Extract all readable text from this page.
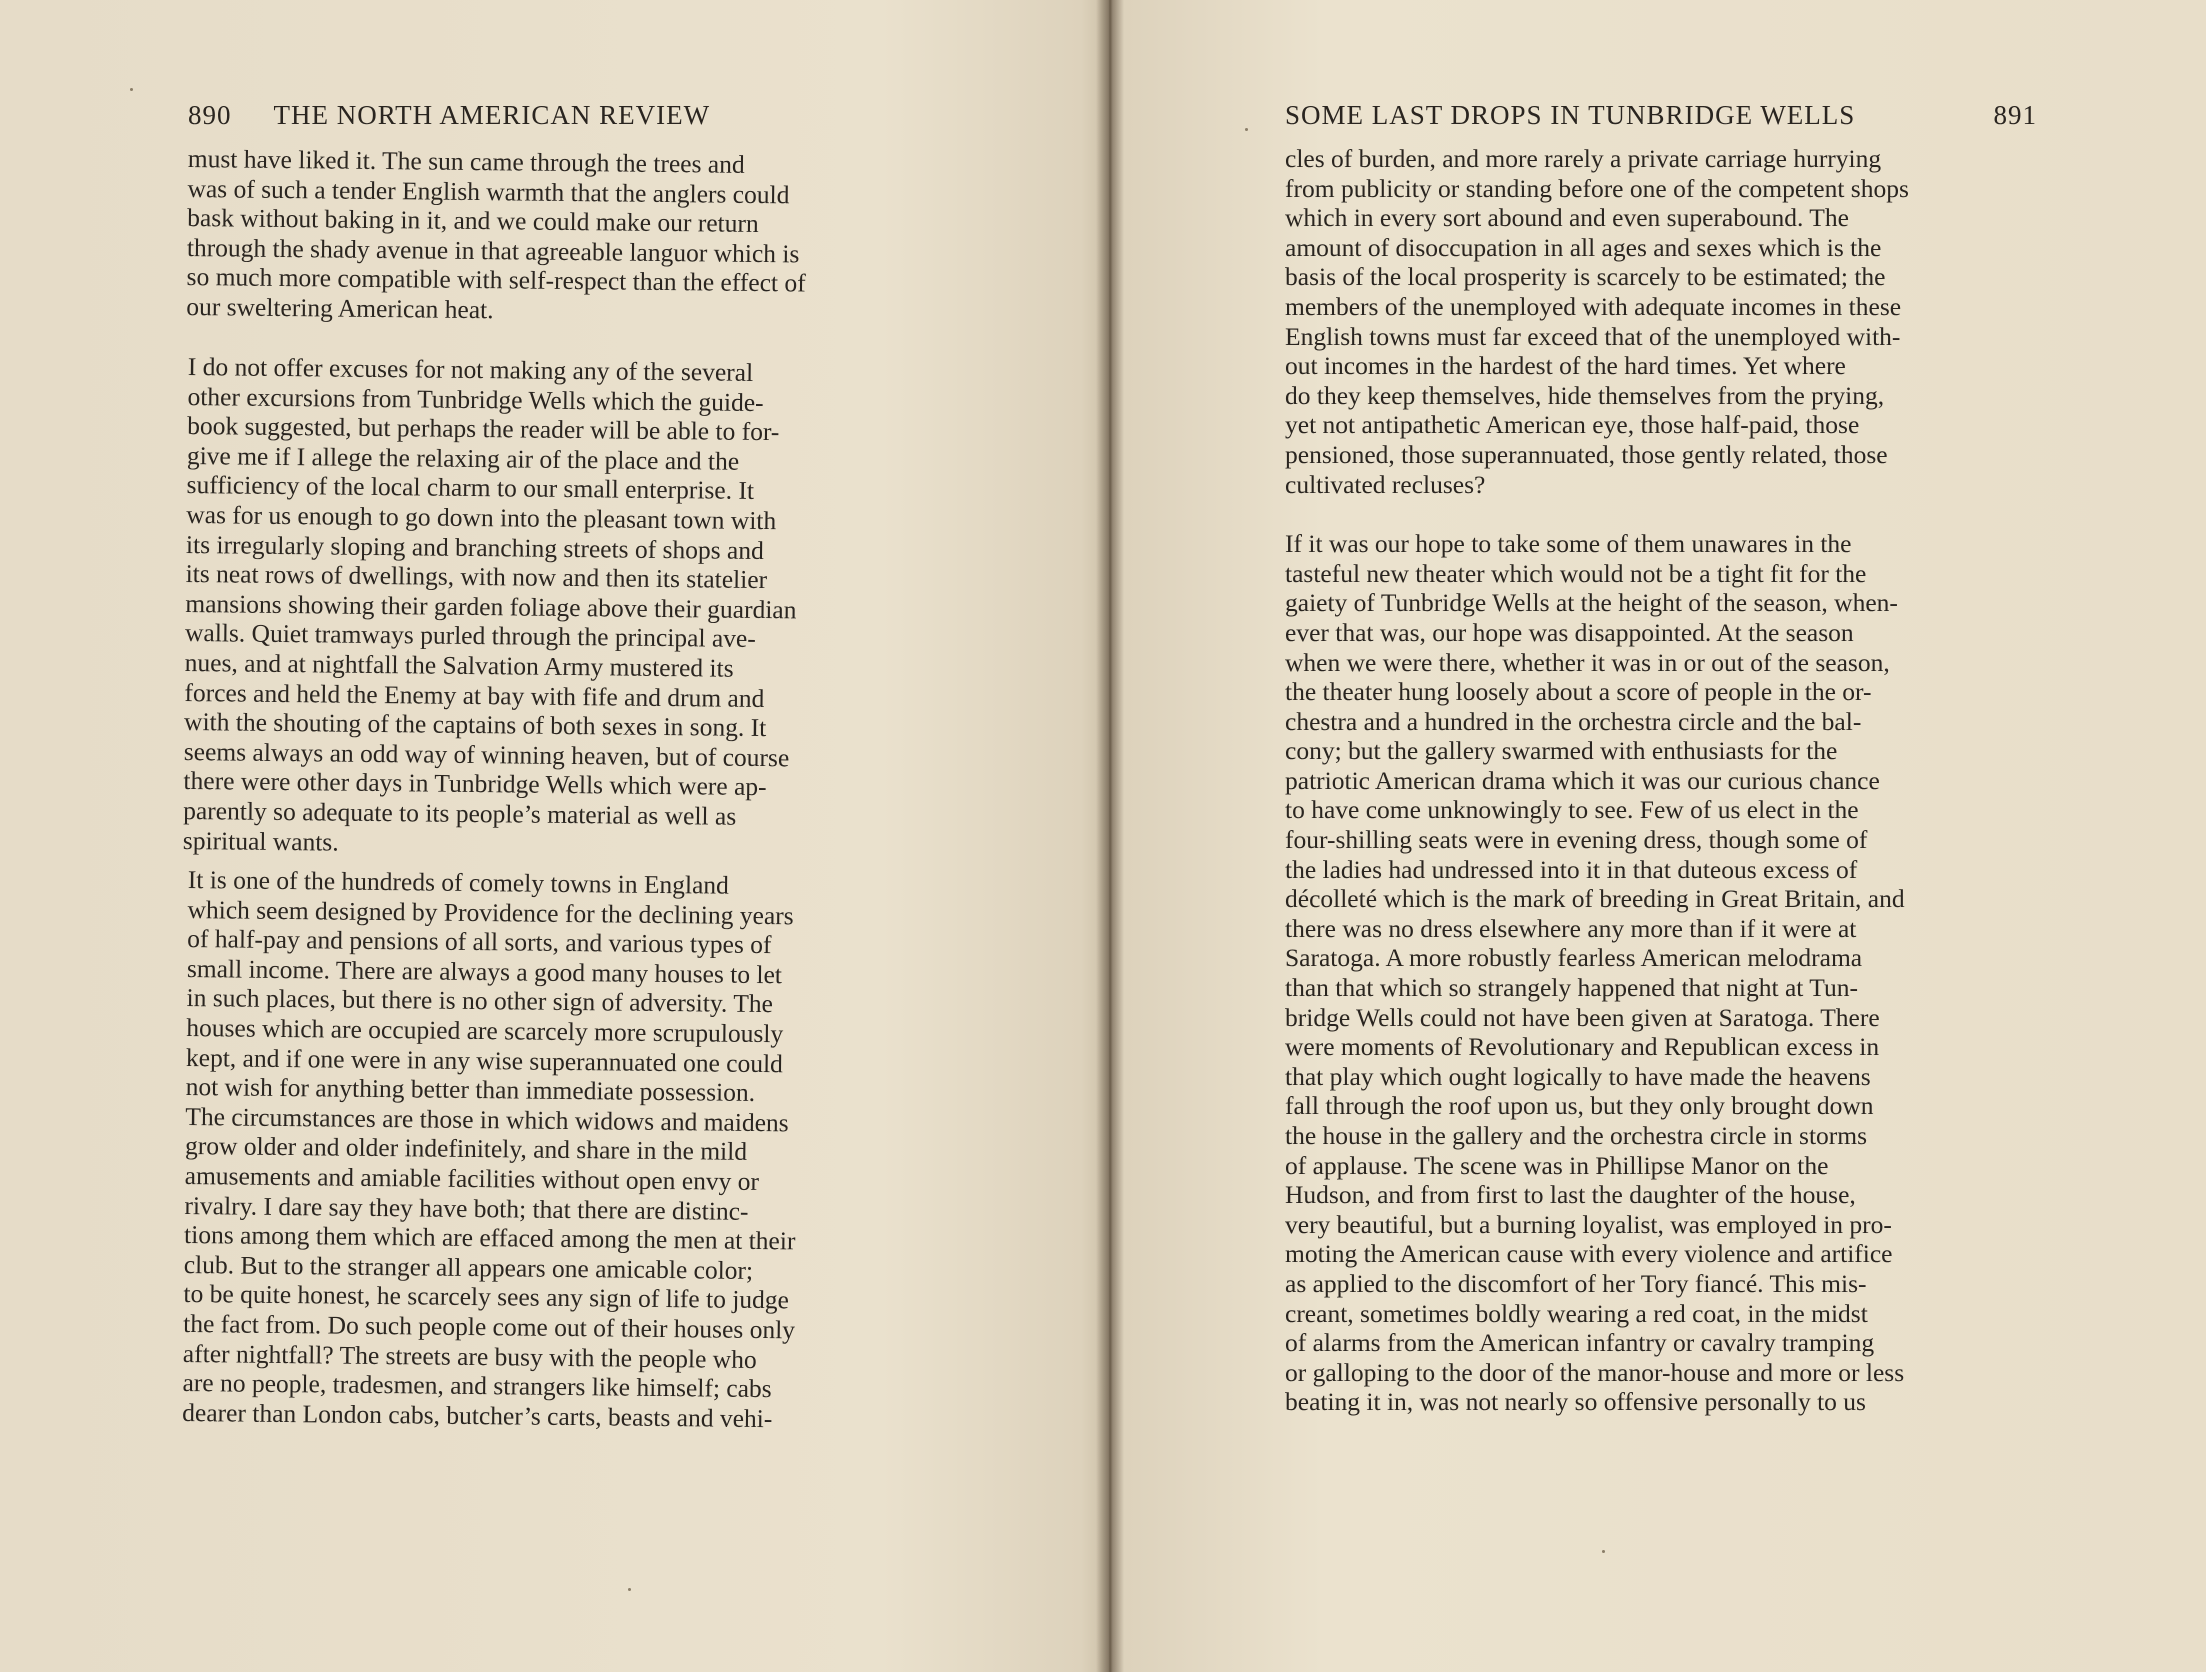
890 THE NORTH AMERICAN REVIEW

must have liked it. The sun came through the trees and
was of such a tender English warmth that the anglers could
bask without baking in it, and we could make our return
through the shady avenue in that agreeable languor which is
so much more compatible with self-respect than the effect of
our sweltering American heat.

I do not offer excuses for not making any of the several
other excursions from Tunbridge Wells which the guide-
book suggested, but perhaps the reader will be able to for-
give me if I allege the relaxing air of the place and the
sufficiency of the local charm to our small enterprise. It
was for us enough to go down into the pleasant town with
its irregularly sloping and branching streets of shops and
its neat rows of dwellings, with now and then its statelier
mansions showing their garden foliage above their guardian
walls. Quiet tramways purled through the principal ave-
nues, and at nightfall the Salvation Army mustered its
forces and held the Enemy at bay with fife and drum and
with the shouting of the captains of both sexes in song. It
seems always an odd way of winning heaven, but of course
there were other days in Tunbridge Wells which were ap-
parently so adequate to its people’s material as well as
spiritual wants.

It is one of the hundreds of comely towns in England
which seem designed by Providence for the declining years
of half-pay and pensions of all sorts, and various types of
small income. There are always a good many houses to let
in such places, but there is no other sign of adversity. The
houses which are occupied are scarcely more scrupulously
kept, and if one were in any wise superannuated one could
not wish for anything better than immediate possession.
The circumstances are those in which widows and maidens
grow older and older indefinitely, and share in the mild
amusements and amiable facilities without open envy or
rivalry. I dare say they have both; that there are distinc-
tions among them which are effaced among the men at their
club. But to the stranger all appears one amicable color;
to be quite honest, he scarcely sees any sign of life to judge
the fact from. Do such people come out of their houses only
after nightfall? The streets are busy with the people who
are no people, tradesmen, and strangers like himself; cabs
dearer than London cabs, butcher’s carts, beasts and vehi-

SOME LAST DROPS IN TUNBRIDGE WELLS	891

cles of burden, and more rarely a private carriage hurrying
from publicity or standing before one of the competent shops
which in every sort abound and even superabound. The
amount of disoccupation in all ages and sexes which is the
basis of the local prosperity is scarcely to be estimated; the
members of the unemployed with adequate incomes in these
English towns must far exceed that of the unemployed with-
out incomes in the hardest of the hard times. Yet where
do they keep themselves, hide themselves from the prying,
yet not antipathetic American eye, those half-paid, those
pensioned, those superannuated, those gently related, those
cultivated recluses?

If it was our hope to take some of them unawares in the
tasteful new theater which would not be a tight fit for the
gaiety of Tunbridge Wells at the height of the season, when-
ever that was, our hope was disappointed. At the season
when we were there, whether it was in or out of the season,
the theater hung loosely about a score of people in the or-
chestra and a hundred in the orchestra circle and the bal-
cony; but the gallery swarmed with enthusiasts for the
patriotic American drama which it was our curious chance
to have come unknowingly to see. Few of us elect in the
four-shilling seats were in evening dress, though some of
the ladies had undressed into it in that duteous excess of
décolleté which is the mark of breeding in Great Britain, and
there was no dress elsewhere any more than if it were at
Saratoga. A more robustly fearless American melodrama
than that which so strangely happened that night at Tun-
bridge Wells could not have been given at Saratoga. There
were moments of Revolutionary and Republican excess in
that play which ought logically to have made the heavens
fall through the roof upon us, but they only brought down
the house in the gallery and the orchestra circle in storms
of applause. The scene was in Phillipse Manor on the
Hudson, and from first to last the daughter of the house,
very beautiful, but a burning loyalist, was employed in pro-
moting the American cause with every violence and artifice
as applied to the discomfort of her Tory fiancé. This mis-
creant, sometimes boldly wearing a red coat, in the midst
of alarms from the American infantry or cavalry tramping
or galloping to the door of the manor-house and more or less
beating it in, was not nearly so offensive personally to us
